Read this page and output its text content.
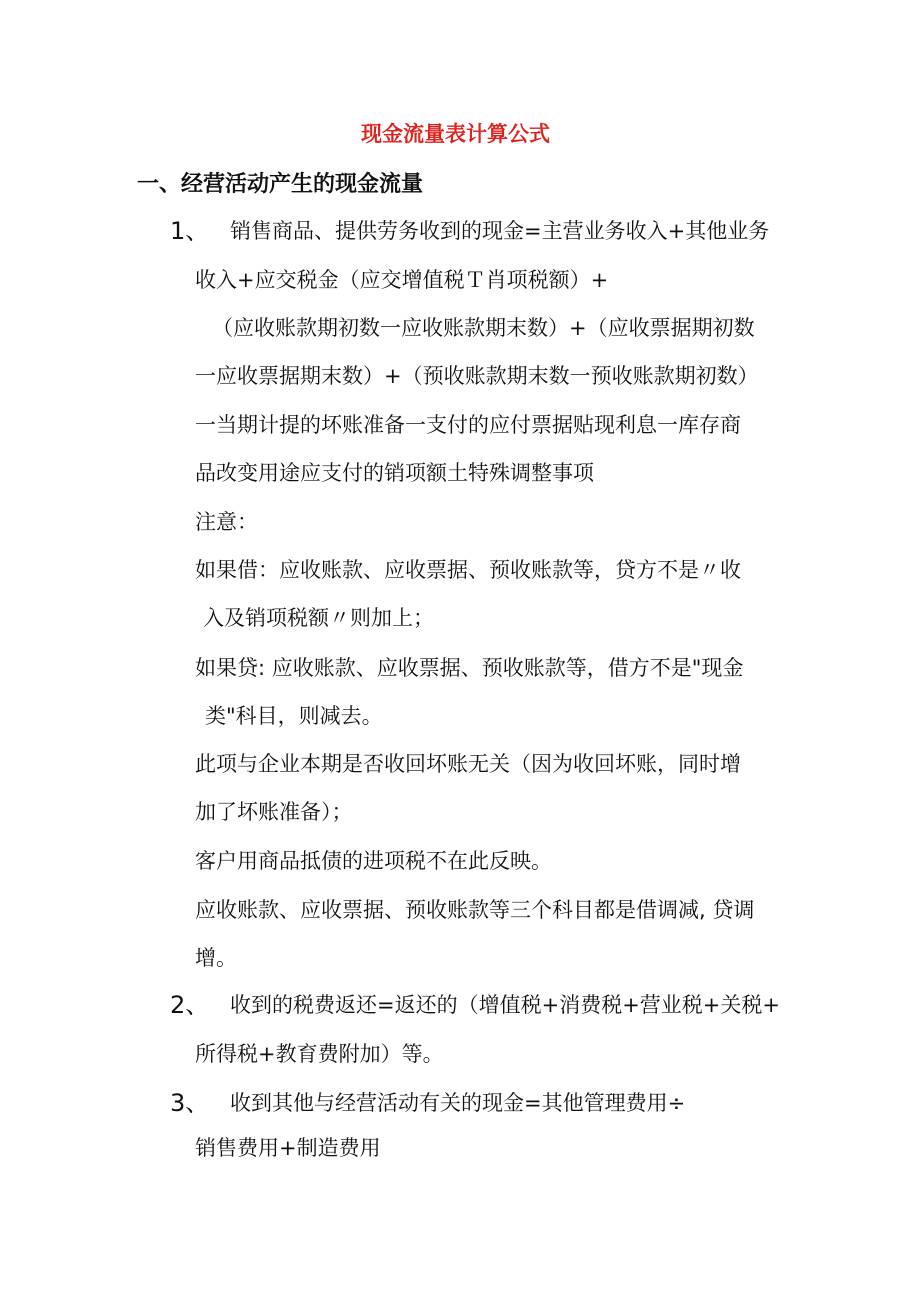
现金流量表计算公式
一、经营活动产生的现金流量
1、 销售商品、提供劳务收到的现金=主营业务收入+其他业务
收入+应交税金（应交增值税Ｔ肖项税额）+
（应收账款期初数一应收账款期末数）+（应收票据期初数
一应收票据期末数）+（预收账款期末数一预收账款期初数）
一当期计提的坏账准备一支付的应付票据贴现利息一库存商
品改变用途应支付的销项额土特殊调整事项
注意：
如果借：应收账款、应收票据、预收账款等，贷方不是〃收
入及销项税额〃则加上；
如果贷: 应收账款、应收票据、预收账款等，借方不是"现金
类"科目，则减去。
此项与企业本期是否收回坏账无关（因为收回坏账，同时增
加了坏账准备）；
客户用商品抵债的进项税不在此反映。
应收账款、应收票据、预收账款等三个科目都是借调减, 贷调
增。
2、 收到的税费返还=返还的（增值税+消费税+营业税+关税+
所得税+教育费附加）等。
3、 收到其他与经营活动有关的现金=其他管理费用÷
销售费用+制造费用
